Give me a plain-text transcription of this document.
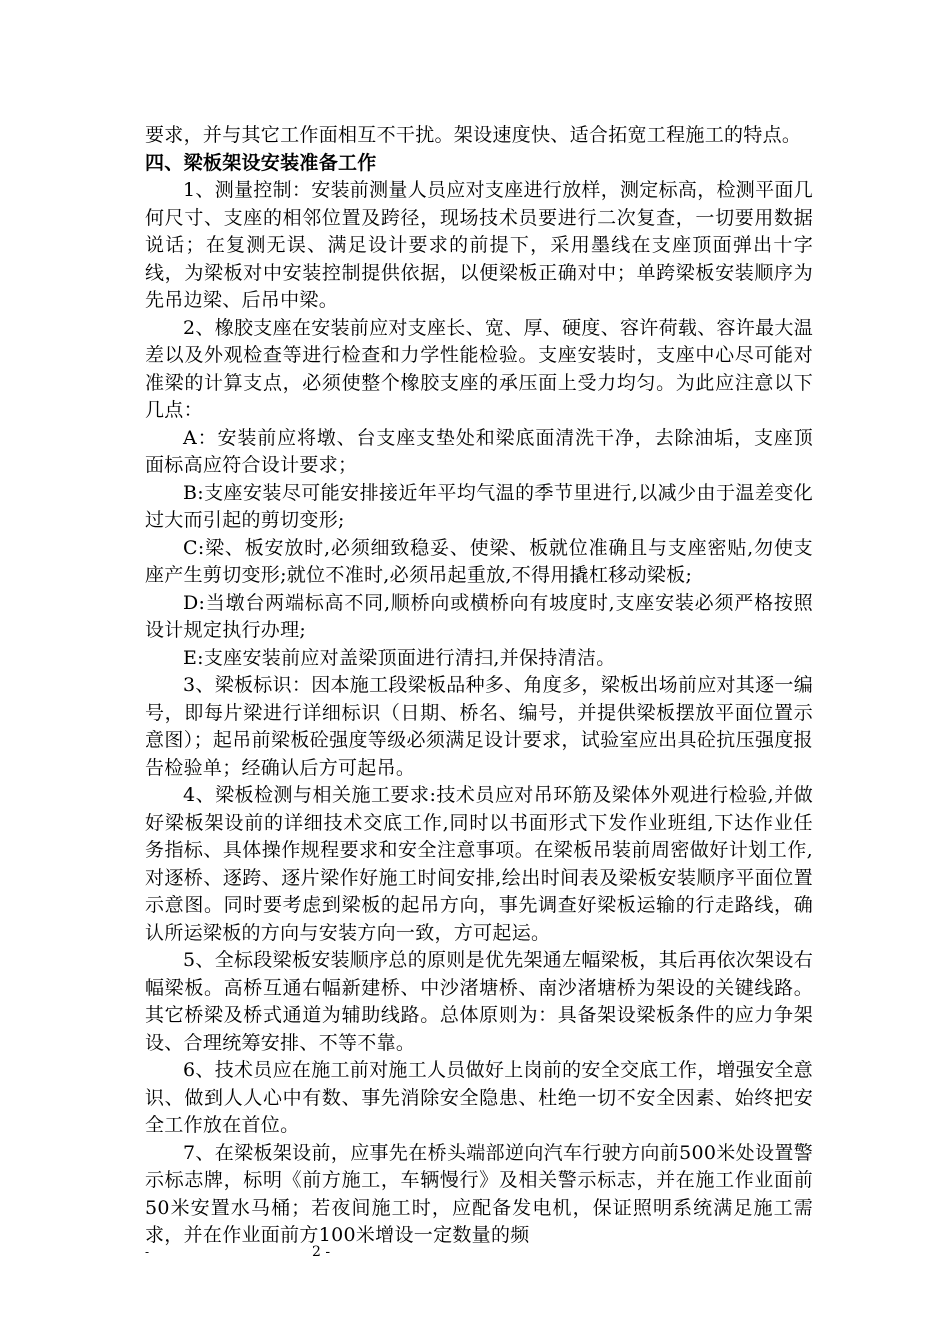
要求，并与其它工作面相互不干扰。架设速度快、适合拓宽工程施工的特点。

四、梁板架设安装准备工作

1、测量控制：安装前测量人员应对支座进行放样，测定标高，检测平面几何尺寸、支座的相邻位置及跨径，现场技术员要进行二次复查，一切要用数据说话；在复测无误、满足设计要求的前提下，采用墨线在支座顶面弹出十字线，为梁板对中安装控制提供依据，以便梁板正确对中；单跨梁板安装顺序为先吊边梁、后吊中梁。

2、橡胶支座在安装前应对支座长、宽、厚、硬度、容许荷载、容许最大温差以及外观检查等进行检查和力学性能检验。支座安装时，支座中心尽可能对准梁的计算支点，必须使整个橡胶支座的承压面上受力均匀。为此应注意以下几点：

A：安装前应将墩、台支座支垫处和梁底面清洗干净，去除油垢，支座顶面标高应符合设计要求；

B:支座安装尽可能安排接近年平均气温的季节里进行,以减少由于温差变化过大而引起的剪切变形;

C:梁、板安放时,必须细致稳妥、使梁、板就位准确且与支座密贴,勿使支座产生剪切变形;就位不准时,必须吊起重放,不得用撬杠移动梁板;

D:当墩台两端标高不同,顺桥向或横桥向有坡度时,支座安装必须严格按照设计规定执行办理;

E:支座安装前应对盖梁顶面进行清扫,并保持清洁。

3、梁板标识：因本施工段梁板品种多、角度多，梁板出场前应对其逐一编号，即每片梁进行详细标识（日期、桥名、编号，并提供梁板摆放平面位置示意图）；起吊前梁板砼强度等级必须满足设计要求，试验室应出具砼抗压强度报告检验单；经确认后方可起吊。

4、梁板检测与相关施工要求:技术员应对吊环筋及梁体外观进行检验,并做好梁板架设前的详细技术交底工作,同时以书面形式下发作业班组,下达作业任务指标、具体操作规程要求和安全注意事项。在梁板吊装前周密做好计划工作,对逐桥、逐跨、逐片梁作好施工时间安排,绘出时间表及梁板安装顺序平面位置示意图。同时要考虑到梁板的起吊方向，事先调查好梁板运输的行走路线，确认所运梁板的方向与安装方向一致，方可起运。

5、全标段梁板安装顺序总的原则是优先架通左幅梁板，其后再依次架设右幅梁板。高桥互通右幅新建桥、中沙渚塘桥、南沙渚塘桥为架设的关键线路。其它桥梁及桥式通道为辅助线路。总体原则为：具备架设梁板条件的应力争架设、合理统筹安排、不等不靠。

6、技术员应在施工前对施工人员做好上岗前的安全交底工作，增强安全意识、做到人人心中有数、事先消除安全隐患、杜绝一切不安全因素、始终把安全工作放在首位。

7、在梁板架设前，应事先在桥头端部逆向汽车行驶方向前500米处设置警示标志牌，标明《前方施工，车辆慢行》及相关警示标志，并在施工作业面前50米安置水马桶；若夜间施工时，应配备发电机，保证照明系统满足施工需求，并在作业面前方100米增设一定数量的频

-	2 -
